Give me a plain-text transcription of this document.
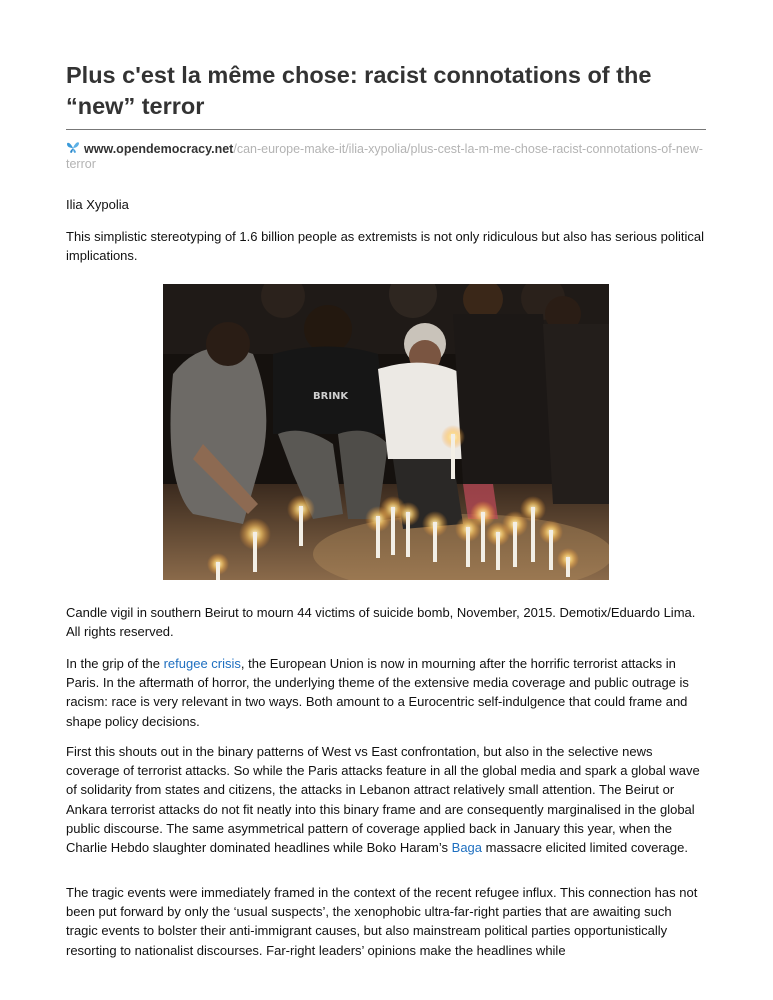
Plus c'est la même chose: racist connotations of the “new” terror
www.opendemocracy.net/can-europe-make-it/ilia-xypolia/plus-cest-la-m-me-chose-racist-connotations-of-new-terror
Ilia Xypolia

This simplistic stereotyping of 1.6 billion people as extremists is not only ridiculous but also has serious political implications.

BRINK

Candle vigil in southern Beirut to mourn 44 victims of suicide bomb, November, 2015. Demotix/Eduardo Lima. All rights reserved.

In the grip of the refugee crisis, the European Union is now in mourning after the horrific terrorist attacks in Paris. In the aftermath of horror, the underlying theme of the extensive media coverage and public outrage is racism: race is very relevant in two ways. Both amount to a Eurocentric self-indulgence that could frame and shape policy decisions.

First this shouts out in the binary patterns of West vs East confrontation, but also in the selective news coverage of terrorist attacks. So while the Paris attacks feature in all the global media and spark a global wave of solidarity from states and citizens, the attacks in Lebanon attract relatively small attention. The Beirut or Ankara terrorist attacks do not fit neatly into this binary frame and are consequently marginalised in the global public discourse. The same asymmetrical pattern of coverage applied back in January this year, when the Charlie Hebdo slaughter dominated headlines while Boko Haram’s Baga massacre elicited limited coverage.

The tragic events were immediately framed in the context of the recent refugee influx. This connection has not been put forward by only the ‘usual suspects’, the xenophobic ultra-far-right parties that are awaiting such tragic events to bolster their anti-immigrant causes, but also mainstream political parties opportunistically resorting to nationalist discourses. Far-right leaders’ opinions make the headlines while
